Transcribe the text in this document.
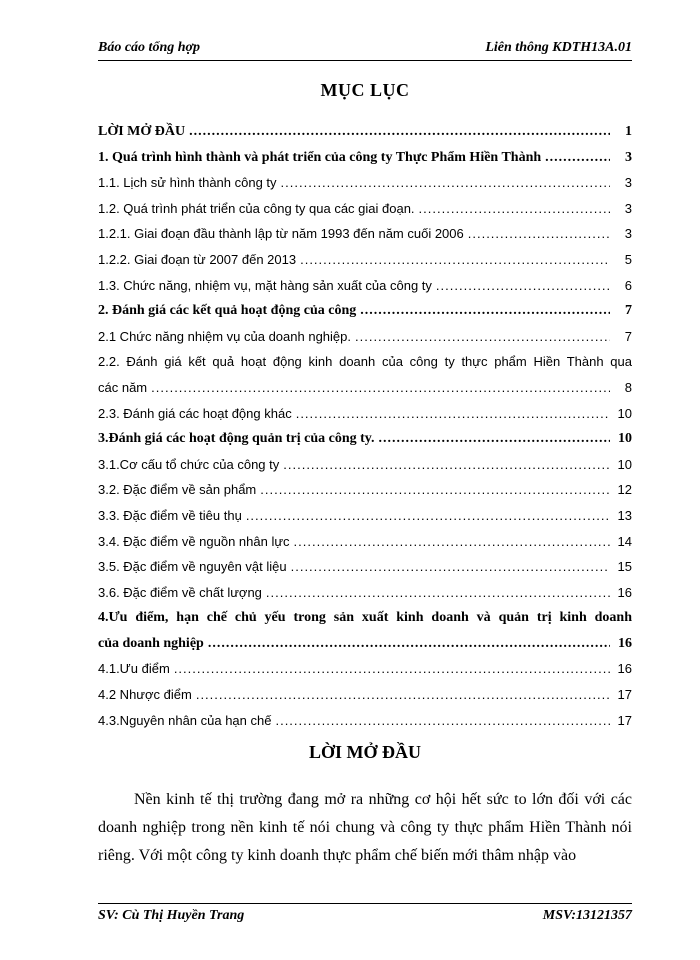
Báo cáo tổng hợp	Liên thông KDTH13A.01
MỤC LỤC
LỜI MỞ ĐẦU .....	1
1. Quá trình hình thành và phát triển của công ty Thực Phẩm Hiền Thành .....	3
1.1. Lịch sử hình thành công ty .....	3
1.2. Quá trình phát triển của công ty qua các giai đoạn. .....	3
1.2.1. Giai đoạn đầu thành lập từ năm 1993 đến năm cuối 2006 .....	3
1.2.2. Giai đoạn từ 2007 đến 2013 .....	5
1.3. Chức năng, nhiệm vụ, mặt hàng sản xuất của công ty .....	6
2. Đánh giá các kết quả hoạt động của công .....	7
2.1 Chức năng nhiệm vụ của doanh nghiệp. .....	7
2.2. Đánh giá kết quả hoạt động kinh doanh của công ty thực phẩm Hiền Thành qua
các năm .....	8
2.3. Đánh giá các hoạt động khác .....	10
3.Đánh giá các hoạt động quản trị của công ty. .....	10
3.1.Cơ cấu tổ chức của công ty .....	10
3.2. Đặc điểm về sản phẩm .....	12
3.3. Đặc điểm về tiêu thụ .....	13
3.4. Đặc điểm về nguồn nhân lực .....	14
3.5. Đặc điểm về nguyên vật liệu .....	15
3.6. Đặc điểm về chất lượng .....	16
4.Ưu điểm, hạn chế chủ yếu trong sản xuất kinh doanh và quản trị kinh doanh
của doanh nghiệp .....	16
4.1.Ưu điểm .....	16
4.2 Nhược điểm .....	17
4.3.Nguyên nhân của hạn chế .....	17
LỜI MỞ ĐẦU

Nền kinh tế thị trường đang mở ra những cơ hội hết sức to lớn đối với các doanh nghiệp trong nền kinh tế nói chung và công ty thực phẩm Hiền Thành nói riêng. Với một công ty kinh doanh thực phẩm chế biến mới thâm nhập vào

SV: Cù Thị Huyền Trang	MSV:13121357
